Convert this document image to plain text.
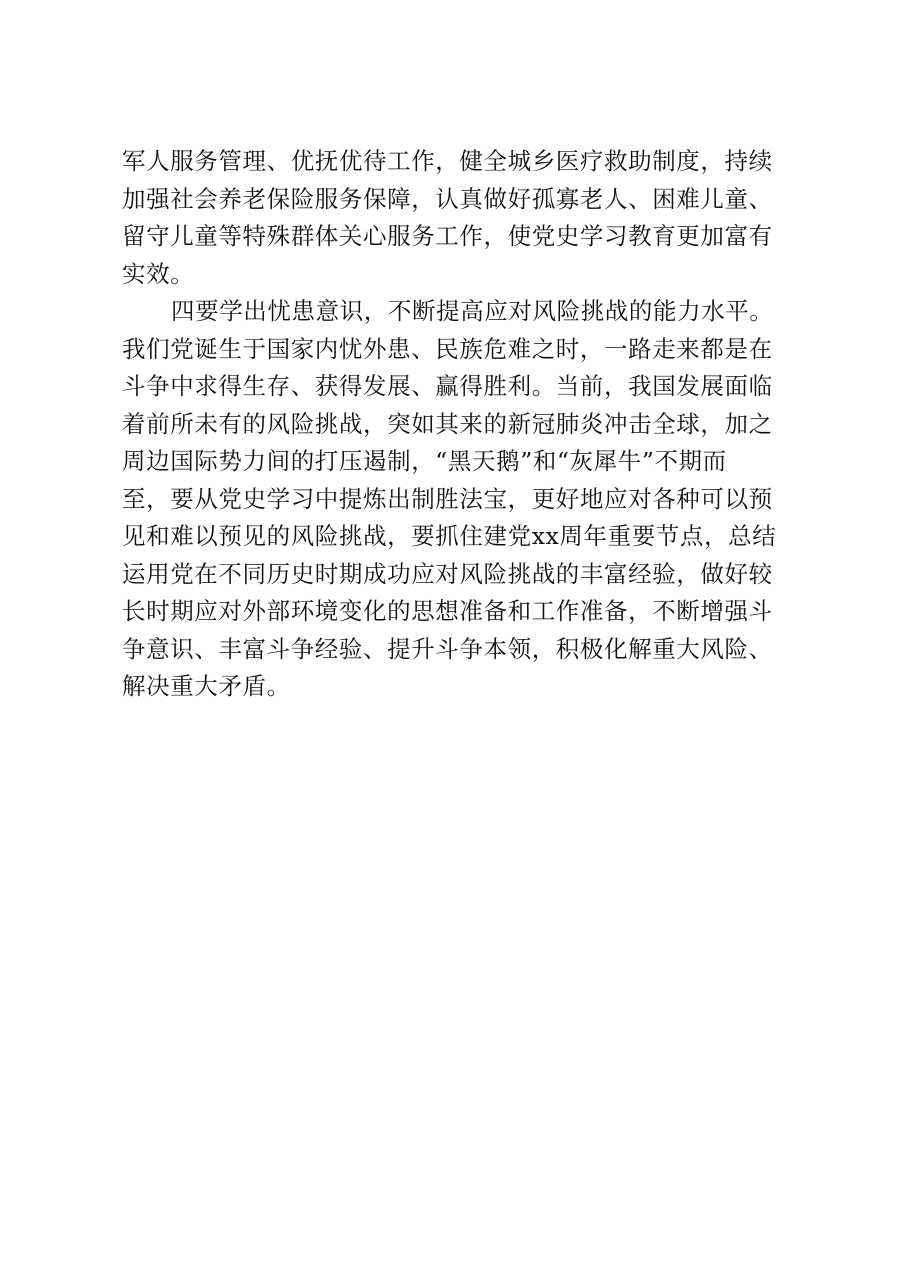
军人服务管理、优抚优待工作，健全城乡医疗救助制度，持续
加强社会养老保险服务保障，认真做好孤寡老人、困难儿童、
留守儿童等特殊群体关心服务工作，使党史学习教育更加富有
实效。
四要学出忧患意识，不断提高应对风险挑战的能力水平。
我们党诞生于国家内忧外患、民族危难之时，一路走来都是在
斗争中求得生存、获得发展、赢得胜利。当前，我国发展面临
着前所未有的风险挑战，突如其来的新冠肺炎冲击全球，加之
周边国际势力间的打压遏制，“黑天鹅”和“灰犀牛”不期而
至，要从党史学习中提炼出制胜法宝，更好地应对各种可以预
见和难以预见的风险挑战，要抓住建党xx周年重要节点，总结
运用党在不同历史时期成功应对风险挑战的丰富经验，做好较
长时期应对外部环境变化的思想准备和工作准备，不断增强斗
争意识、丰富斗争经验、提升斗争本领，积极化解重大风险、
解决重大矛盾。
